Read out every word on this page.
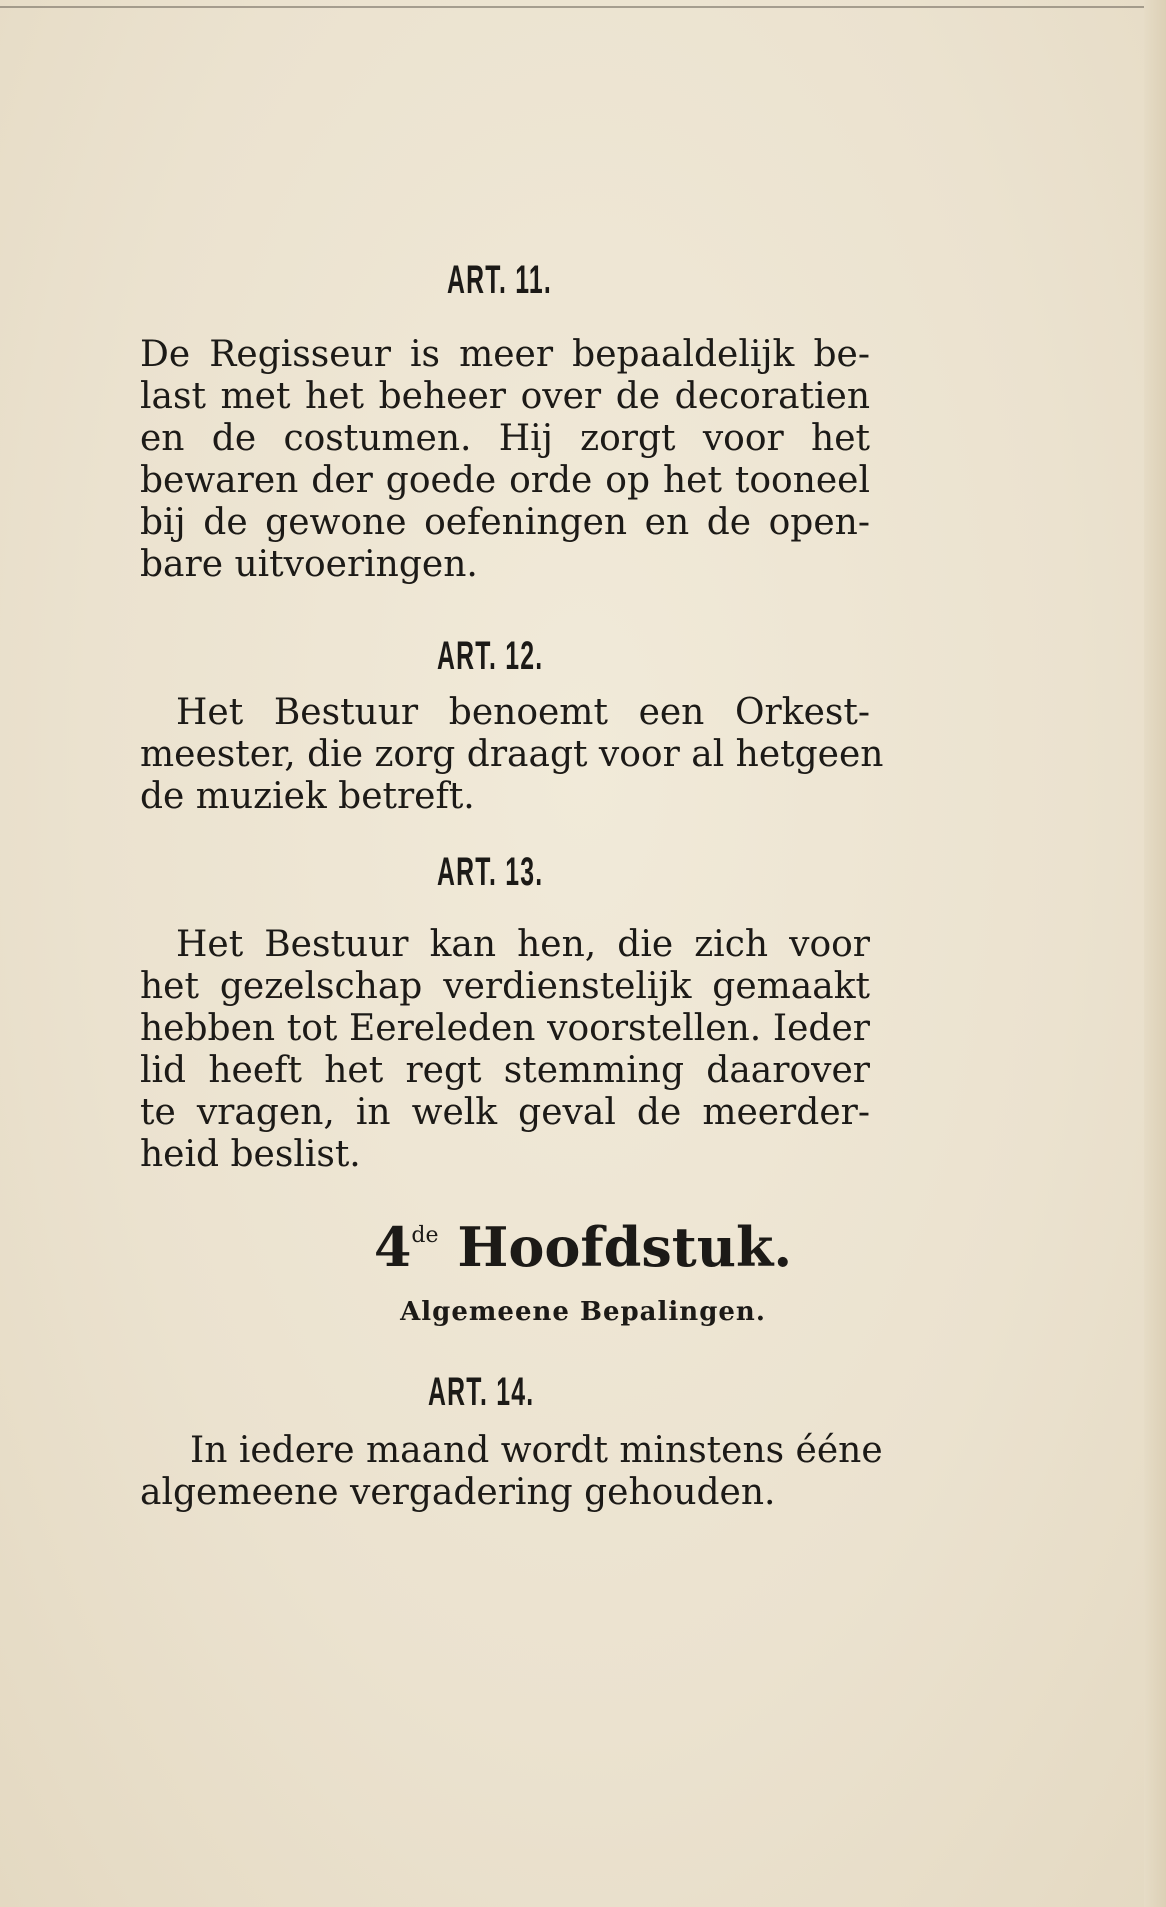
ART. 11.
De Regisseur is meer bepaaldelijk be-
last met het beheer over de decoratien
en de costumen. Hij zorgt voor het
bewaren der goede orde op het tooneel
bij de gewone oefeningen en de open-
bare uitvoeringen.
ART. 12.
Het Bestuur benoemt een Orkest-
meester, die zorg draagt voor al hetgeen
de muziek betreft.
ART. 13.
Het Bestuur kan hen, die zich voor
het gezelschap verdienstelijk gemaakt
hebben tot Eereleden voorstellen. Ieder
lid heeft het regt stemming daarover
te vragen, in welk geval de meerder-
heid beslist.
4de Hoofdstuk.
Algemeene Bepalingen.
ART. 14.
In iedere maand wordt minstens ééne
algemeene vergadering gehouden.
